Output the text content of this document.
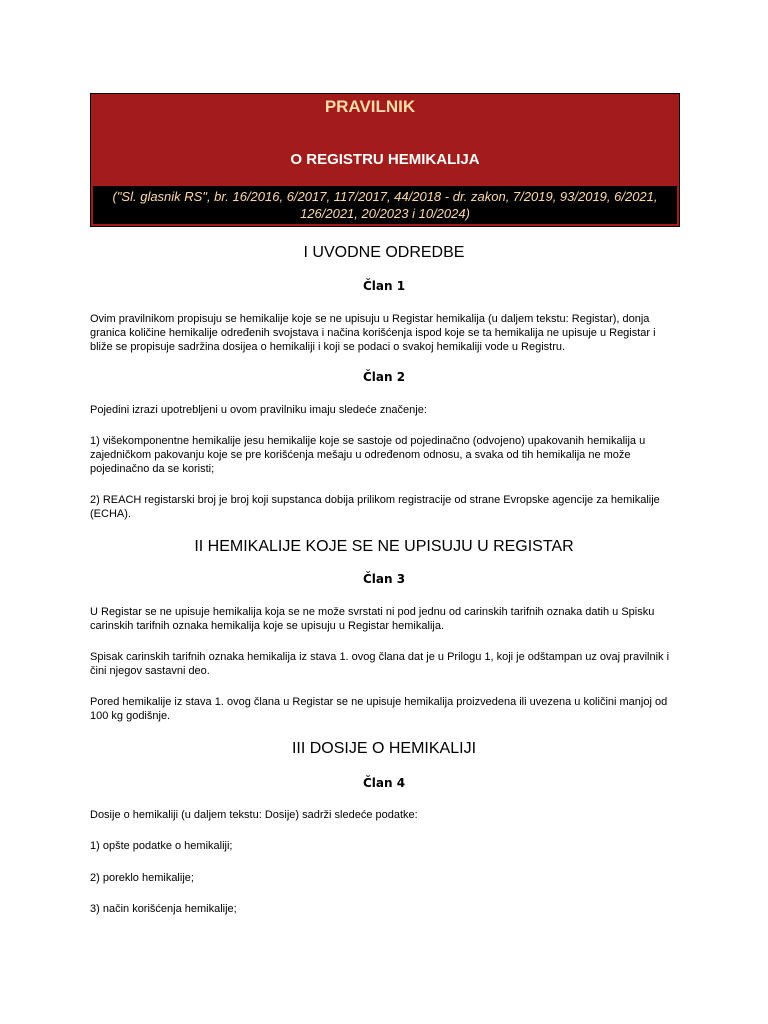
PRAVILNIK
O REGISTRU HEMIKALIJA
("Sl. glasnik RS", br. 16/2016, 6/2017, 117/2017, 44/2018 - dr. zakon, 7/2019, 93/2019, 6/2021,
126/2021, 20/2023 i 10/2024)
I UVODNE ODREDBE
Član 1
Ovim pravilnikom propisuju se hemikalije koje se ne upisuju u Registar hemikalija (u daljem tekstu: Registar), donja granica količine hemikalije određenih svojstava i načina korišćenja ispod koje se ta hemikalija ne upisuje u Registar i bliže se propisuje sadržina dosijea o hemikaliji i koji se podaci o svakoj hemikaliji vode u Registru.
Član 2
Pojedini izrazi upotrebljeni u ovom pravilniku imaju sledeće značenje:
1) višekomponentne hemikalije jesu hemikalije koje se sastoje od pojedinačno (odvojeno) upakovanih hemikalija u zajedničkom pakovanju koje se pre korišćenja mešaju u određenom odnosu, a svaka od tih hemikalija ne može pojedinačno da se koristi;
2) REACH registarski broj je broj koji supstanca dobija prilikom registracije od strane Evropske agencije za hemikalije (ECHA).
II HEMIKALIJE KOJE SE NE UPISUJU U REGISTAR
Član 3
U Registar se ne upisuje hemikalija koja se ne može svrstati ni pod jednu od carinskih tarifnih oznaka datih u Spisku carinskih tarifnih oznaka hemikalija koje se upisuju u Registar hemikalija.
Spisak carinskih tarifnih oznaka hemikalija iz stava 1. ovog člana dat je u Prilogu 1, koji je odštampan uz ovaj pravilnik i čini njegov sastavni deo.
Pored hemikalije iz stava 1. ovog člana u Registar se ne upisuje hemikalija proizvedena ili uvezena u količini manjoj od 100 kg godišnje.
III DOSIJE O HEMIKALIJI
Član 4
Dosije o hemikaliji (u daljem tekstu: Dosije) sadrži sledeće podatke:
1) opšte podatke o hemikaliji;
2) poreklo hemikalije;
3) način korišćenja hemikalije;
